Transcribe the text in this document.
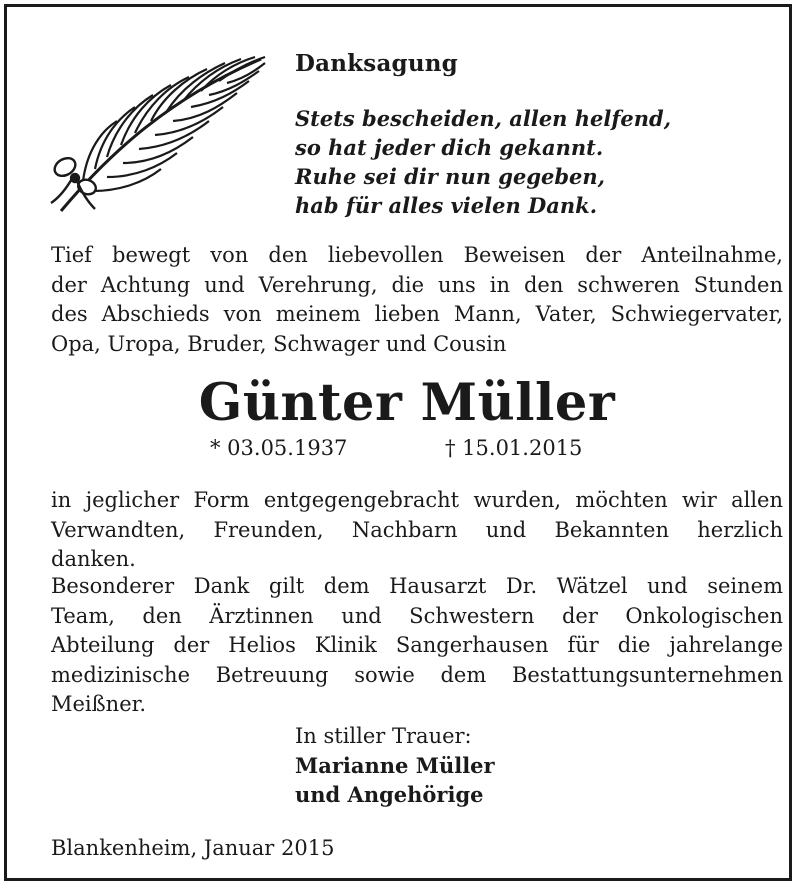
Danksagung
Stets bescheiden, allen helfend,
so hat jeder dich gekannt.
Ruhe sei dir nun gegeben,
hab für alles vielen Dank.
Tief bewegt von den liebevollen Beweisen der Anteilnahme,
der Achtung und Verehrung, die uns in den schweren Stunden
des Abschieds von meinem lieben Mann, Vater, Schwiegervater,
Opa, Uropa, Bruder, Schwager und Cousin
Günter Müller
* 03.05.1937	† 15.01.2015
in jeglicher Form entgegengebracht wurden, möchten wir allen
Verwandten, Freunden, Nachbarn und Bekannten herzlich
danken.
Besonderer Dank gilt dem Hausarzt Dr. Wätzel und seinem
Team, den Ärztinnen und Schwestern der Onkologischen
Abteilung der Helios Klinik Sangerhausen für die jahrelange
medizinische Betreuung sowie dem Bestattungsunternehmen
Meißner.
In stiller Trauer:
Marianne Müller
und Angehörige
Blankenheim, Januar 2015
